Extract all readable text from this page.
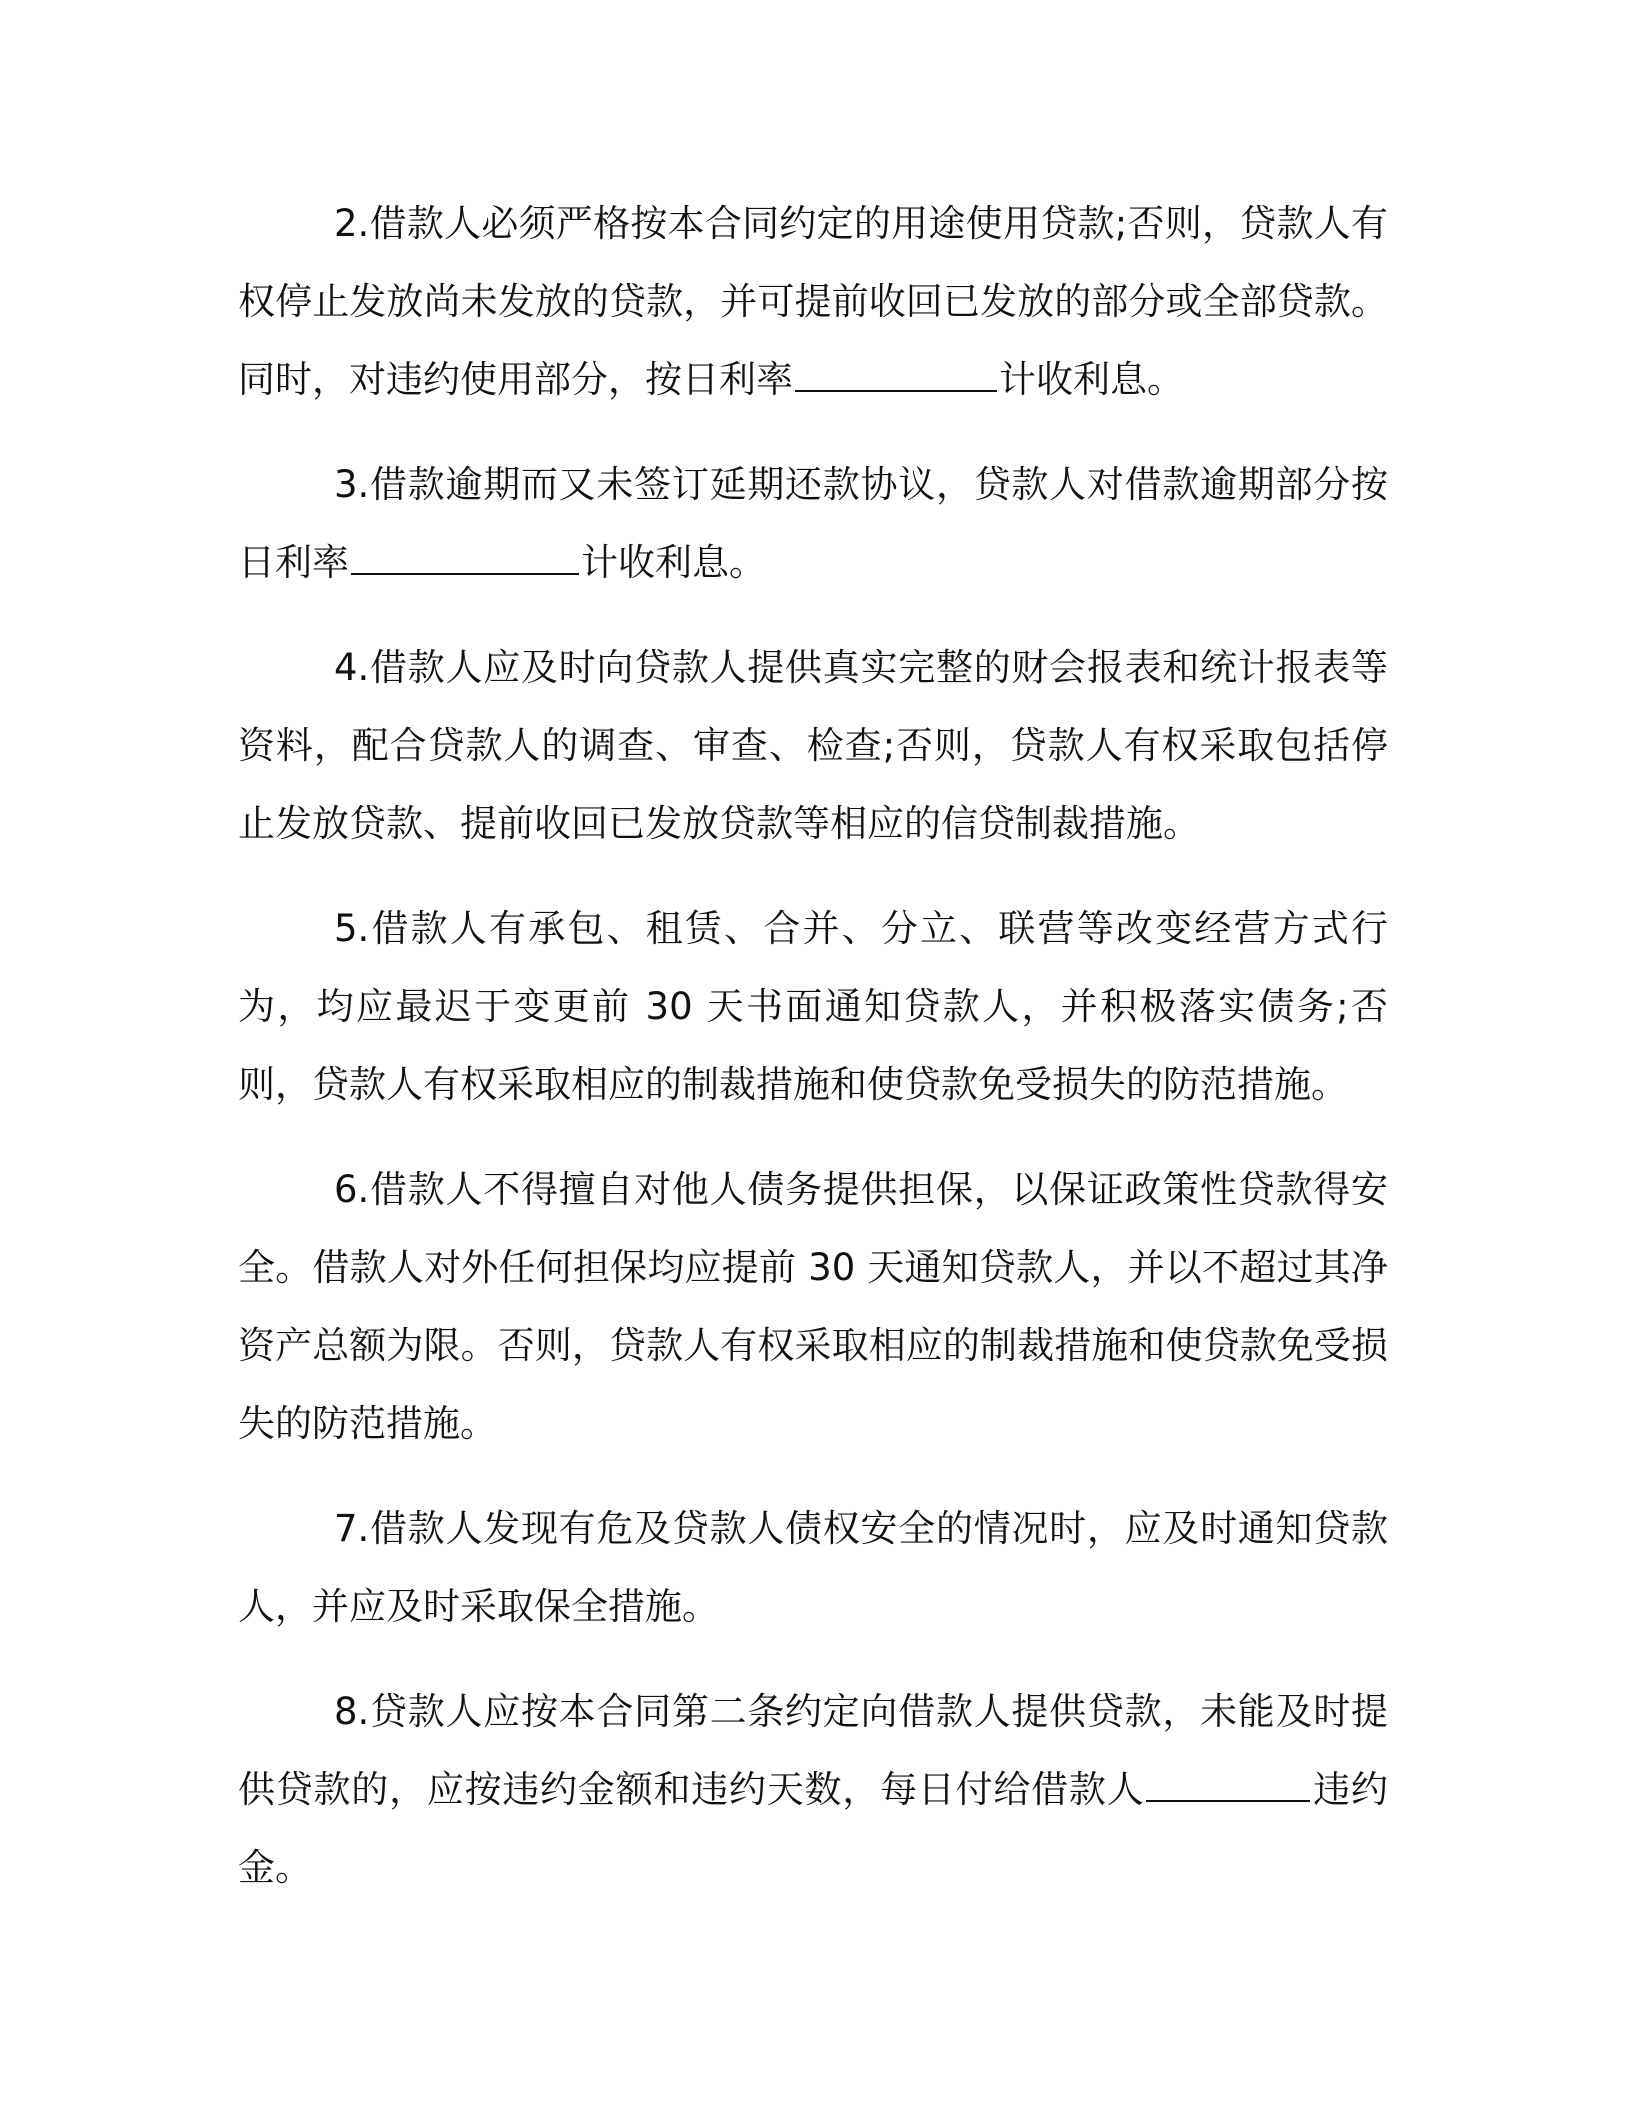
2.借款人必须严格按本合同约定的用途使用贷款;否则，贷款人有权停止发放尚未发放的贷款，并可提前收回已发放的部分或全部贷款。同时，对违约使用部分，按日利率	计收利息。

3.借款逾期而又未签订延期还款协议，贷款人对借款逾期部分按日利率	计收利息。

4.借款人应及时向贷款人提供真实完整的财会报表和统计报表等资料，配合贷款人的调查、审查、检查;否则，贷款人有权采取包括停止发放贷款、提前收回已发放贷款等相应的信贷制裁措施。

5.借款人有承包、租赁、合并、分立、联营等改变经营方式行为，均应最迟于变更前 30 天书面通知贷款人，并积极落实债务;否则，贷款人有权采取相应的制裁措施和使贷款免受损失的防范措施。

6.借款人不得擅自对他人债务提供担保，以保证政策性贷款得安全。借款人对外任何担保均应提前 30 天通知贷款人，并以不超过其净资产总额为限。否则，贷款人有权采取相应的制裁措施和使贷款免受损失的防范措施。

7.借款人发现有危及贷款人债权安全的情况时，应及时通知贷款人，并应及时采取保全措施。

8.贷款人应按本合同第二条约定向借款人提供贷款，未能及时提供贷款的，应按违约金额和违约天数，每日付给借款人	违约金。
